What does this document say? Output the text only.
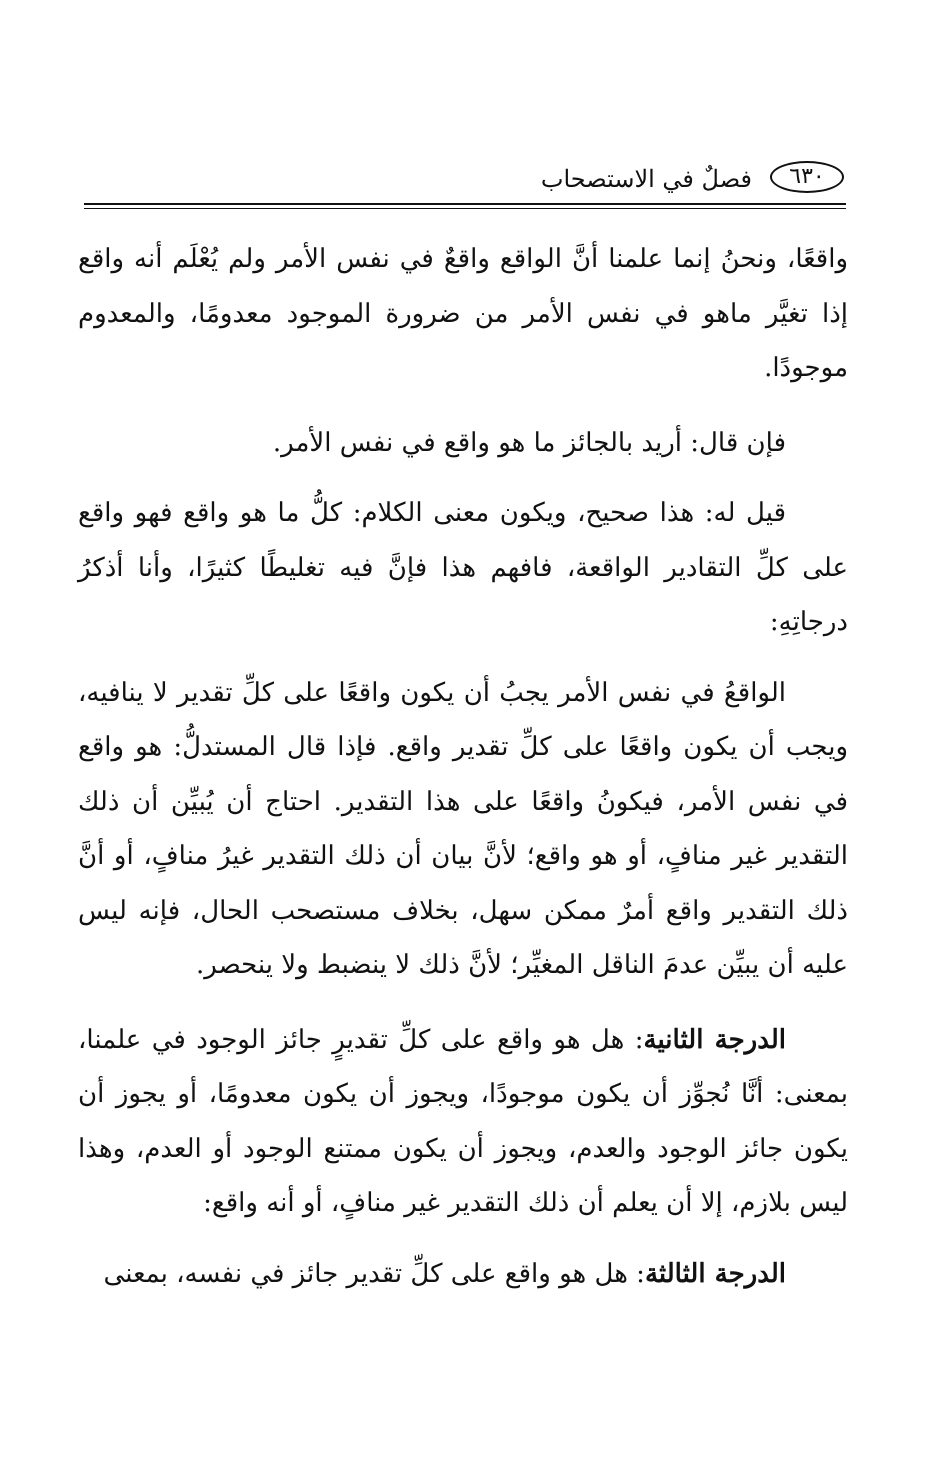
٦٣٠
فصلٌ في الاستصحاب

واقعًا، ونحنُ إنما علمنا أنَّ الواقع واقعٌ في نفس الأمر ولم يُعْلَم أنه واقع إذا تغيَّر ماهو في نفس الأمر من ضرورة الموجود معدومًا، والمعدوم موجودًا.

فإن قال: أريد بالجائز ما هو واقع في نفس الأمر.

قيل له: هذا صحيح، ويكون معنى الكلام: كلُّ ما هو واقع فهو واقع على كلِّ التقادير الواقعة، فافهم هذا فإنَّ فيه تغليطًا كثيرًا، وأنا أذكرُ درجاتِهِ:

الواقعُ في نفس الأمر يجبُ أن يكون واقعًا على كلِّ تقدير لا ينافيه، ويجب أن يكون واقعًا على كلِّ تقدير واقع. فإذا قال المستدلُّ: هو واقع في نفس الأمر، فيكونُ واقعًا على هذا التقدير. احتاج أن يُبيِّن أن ذلك التقدير غير منافٍ، أو هو واقع؛ لأنَّ بيان أن ذلك التقدير غيرُ منافٍ، أو أنَّ ذلك التقدير واقع أمرٌ ممكن سهل، بخلاف مستصحب الحال، فإنه ليس عليه أن يبيِّن عدمَ الناقل المغيِّر؛ لأنَّ ذلك لا ينضبط ولا ينحصر.

الدرجة الثانية: هل هو واقع على كلِّ تقديرٍ جائز الوجود في علمنا، بمعنى: أنَّا نُجوِّز أن يكون موجودًا، ويجوز أن يكون معدومًا، أو يجوز أن يكون جائز الوجود والعدم، ويجوز أن يكون ممتنع الوجود أو العدم، وهذا ليس بلازم، إلا أن يعلم أن ذلك التقدير غير منافٍ، أو أنه واقع:

الدرجة الثالثة: هل هو واقع على كلِّ تقدير جائز في نفسه، بمعنى
